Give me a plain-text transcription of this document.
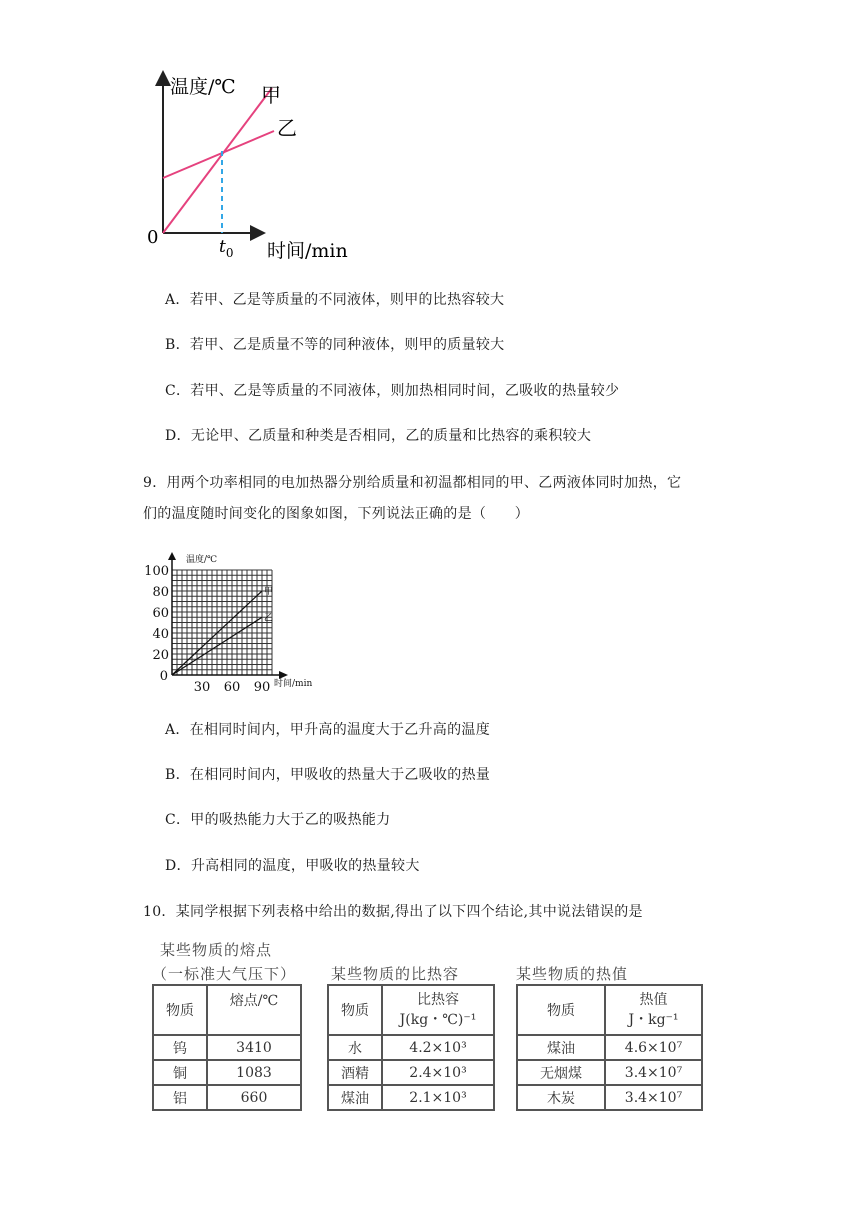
温度/℃
时间/min
0	$t_0$
甲
乙
A．若甲、乙是等质量的不同液体，则甲的比热容较大
B．若甲、乙是质量不等的同种液体，则甲的质量较大
C．若甲、乙是等质量的不同液体，则加热相同时间，乙吸收的热量较少
D．无论甲、乙质量和种类是否相同，乙的质量和比热容的乘积较大
9．用两个功率相同的电加热器分别给质量和初温都相同的甲、乙两液体同时加热，它
们的温度随时间变化的图象如图，下列说法正确的是（　　）
100
80
60
40
20
30 60 90
0
甲
乙
温度/℃
时间/min
A．在相同时间内，甲升高的温度大于乙升高的温度
B．在相同时间内，甲吸收的热量大于乙吸收的热量
C．甲的吸热能力大于乙的吸热能力
D．升高相同的温度，甲吸收的热量较大
10．某同学根据下列表格中给出的数据,得出了以下四个结论,其中说法错误的是
某些物质的熔点
（一标准大气压下）
物质	熔点/℃
钨	3410
铜	1083
铝	660
某些物质的比热容
物质	比热容
J(kg・℃)⁻¹

水	4.2×10³
酒精	2.4×10³
煤油	2.1×10³
某些物质的热值
物质	热值
J・kg⁻¹

煤油	4.6×10⁷
无烟煤	3.4×10⁷
木炭	3.4×10⁷
